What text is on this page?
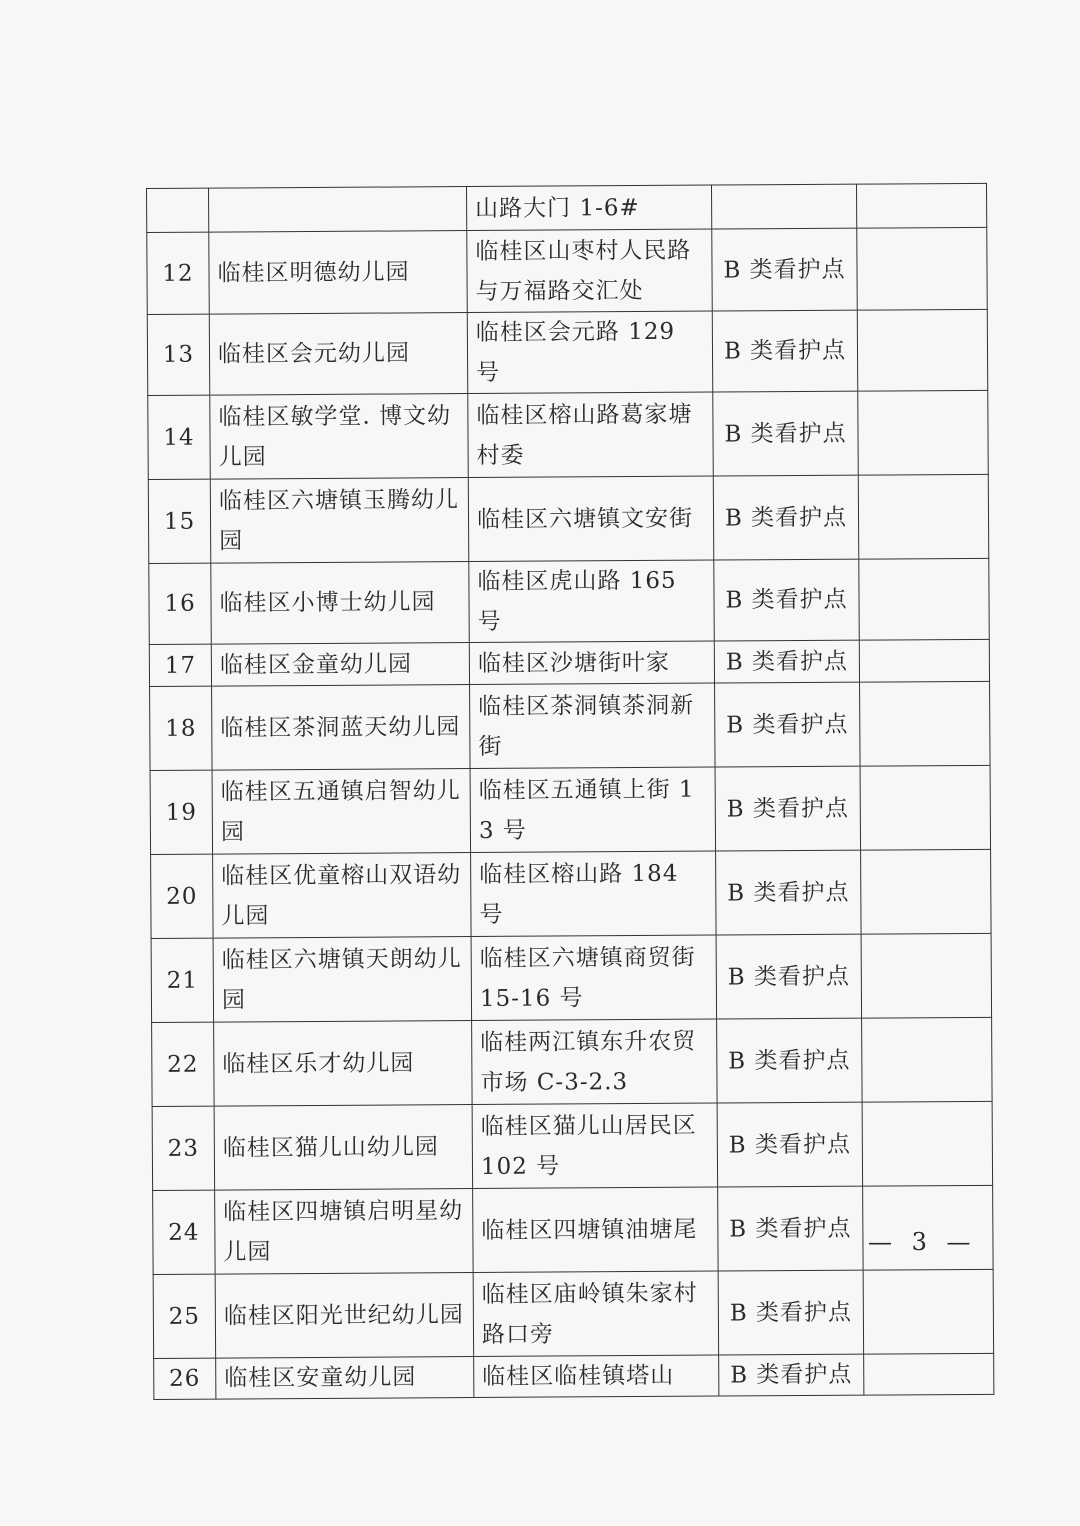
		山路大门 1-6#		
12	临桂区明德幼儿园	临桂区山枣村人民路与万福路交汇处	B 类看护点	
13	临桂区会元幼儿园	临桂区会元路 129 号	B 类看护点	
14	临桂区敏学堂. 博文幼儿园	临桂区榕山路葛家塘村委	B 类看护点	
15	临桂区六塘镇玉腾幼儿园	临桂区六塘镇文安街	B 类看护点	
16	临桂区小博士幼儿园	临桂区虎山路 165 号	B 类看护点	
17	临桂区金童幼儿园	临桂区沙塘街叶家	B 类看护点	
18	临桂区茶洞蓝天幼儿园	临桂区茶洞镇茶洞新街	B 类看护点	
19	临桂区五通镇启智幼儿园	临桂区五通镇上街 13 号	B 类看护点	
20	临桂区优童榕山双语幼儿园	临桂区榕山路 184 号	B 类看护点	
21	临桂区六塘镇天朗幼儿园	临桂区六塘镇商贸街 15-16 号	B 类看护点	
22	临桂区乐才幼儿园	临桂两江镇东升农贸市场 C-3-2.3	B 类看护点	
23	临桂区猫儿山幼儿园	临桂区猫儿山居民区 102 号	B 类看护点	
24	临桂区四塘镇启明星幼儿园	临桂区四塘镇油塘尾	B 类看护点	
25	临桂区阳光世纪幼儿园	临桂区庙岭镇朱家村路口旁	B 类看护点	
26	临桂区安童幼儿园	临桂区临桂镇塔山	B 类看护点	
— 3 —
